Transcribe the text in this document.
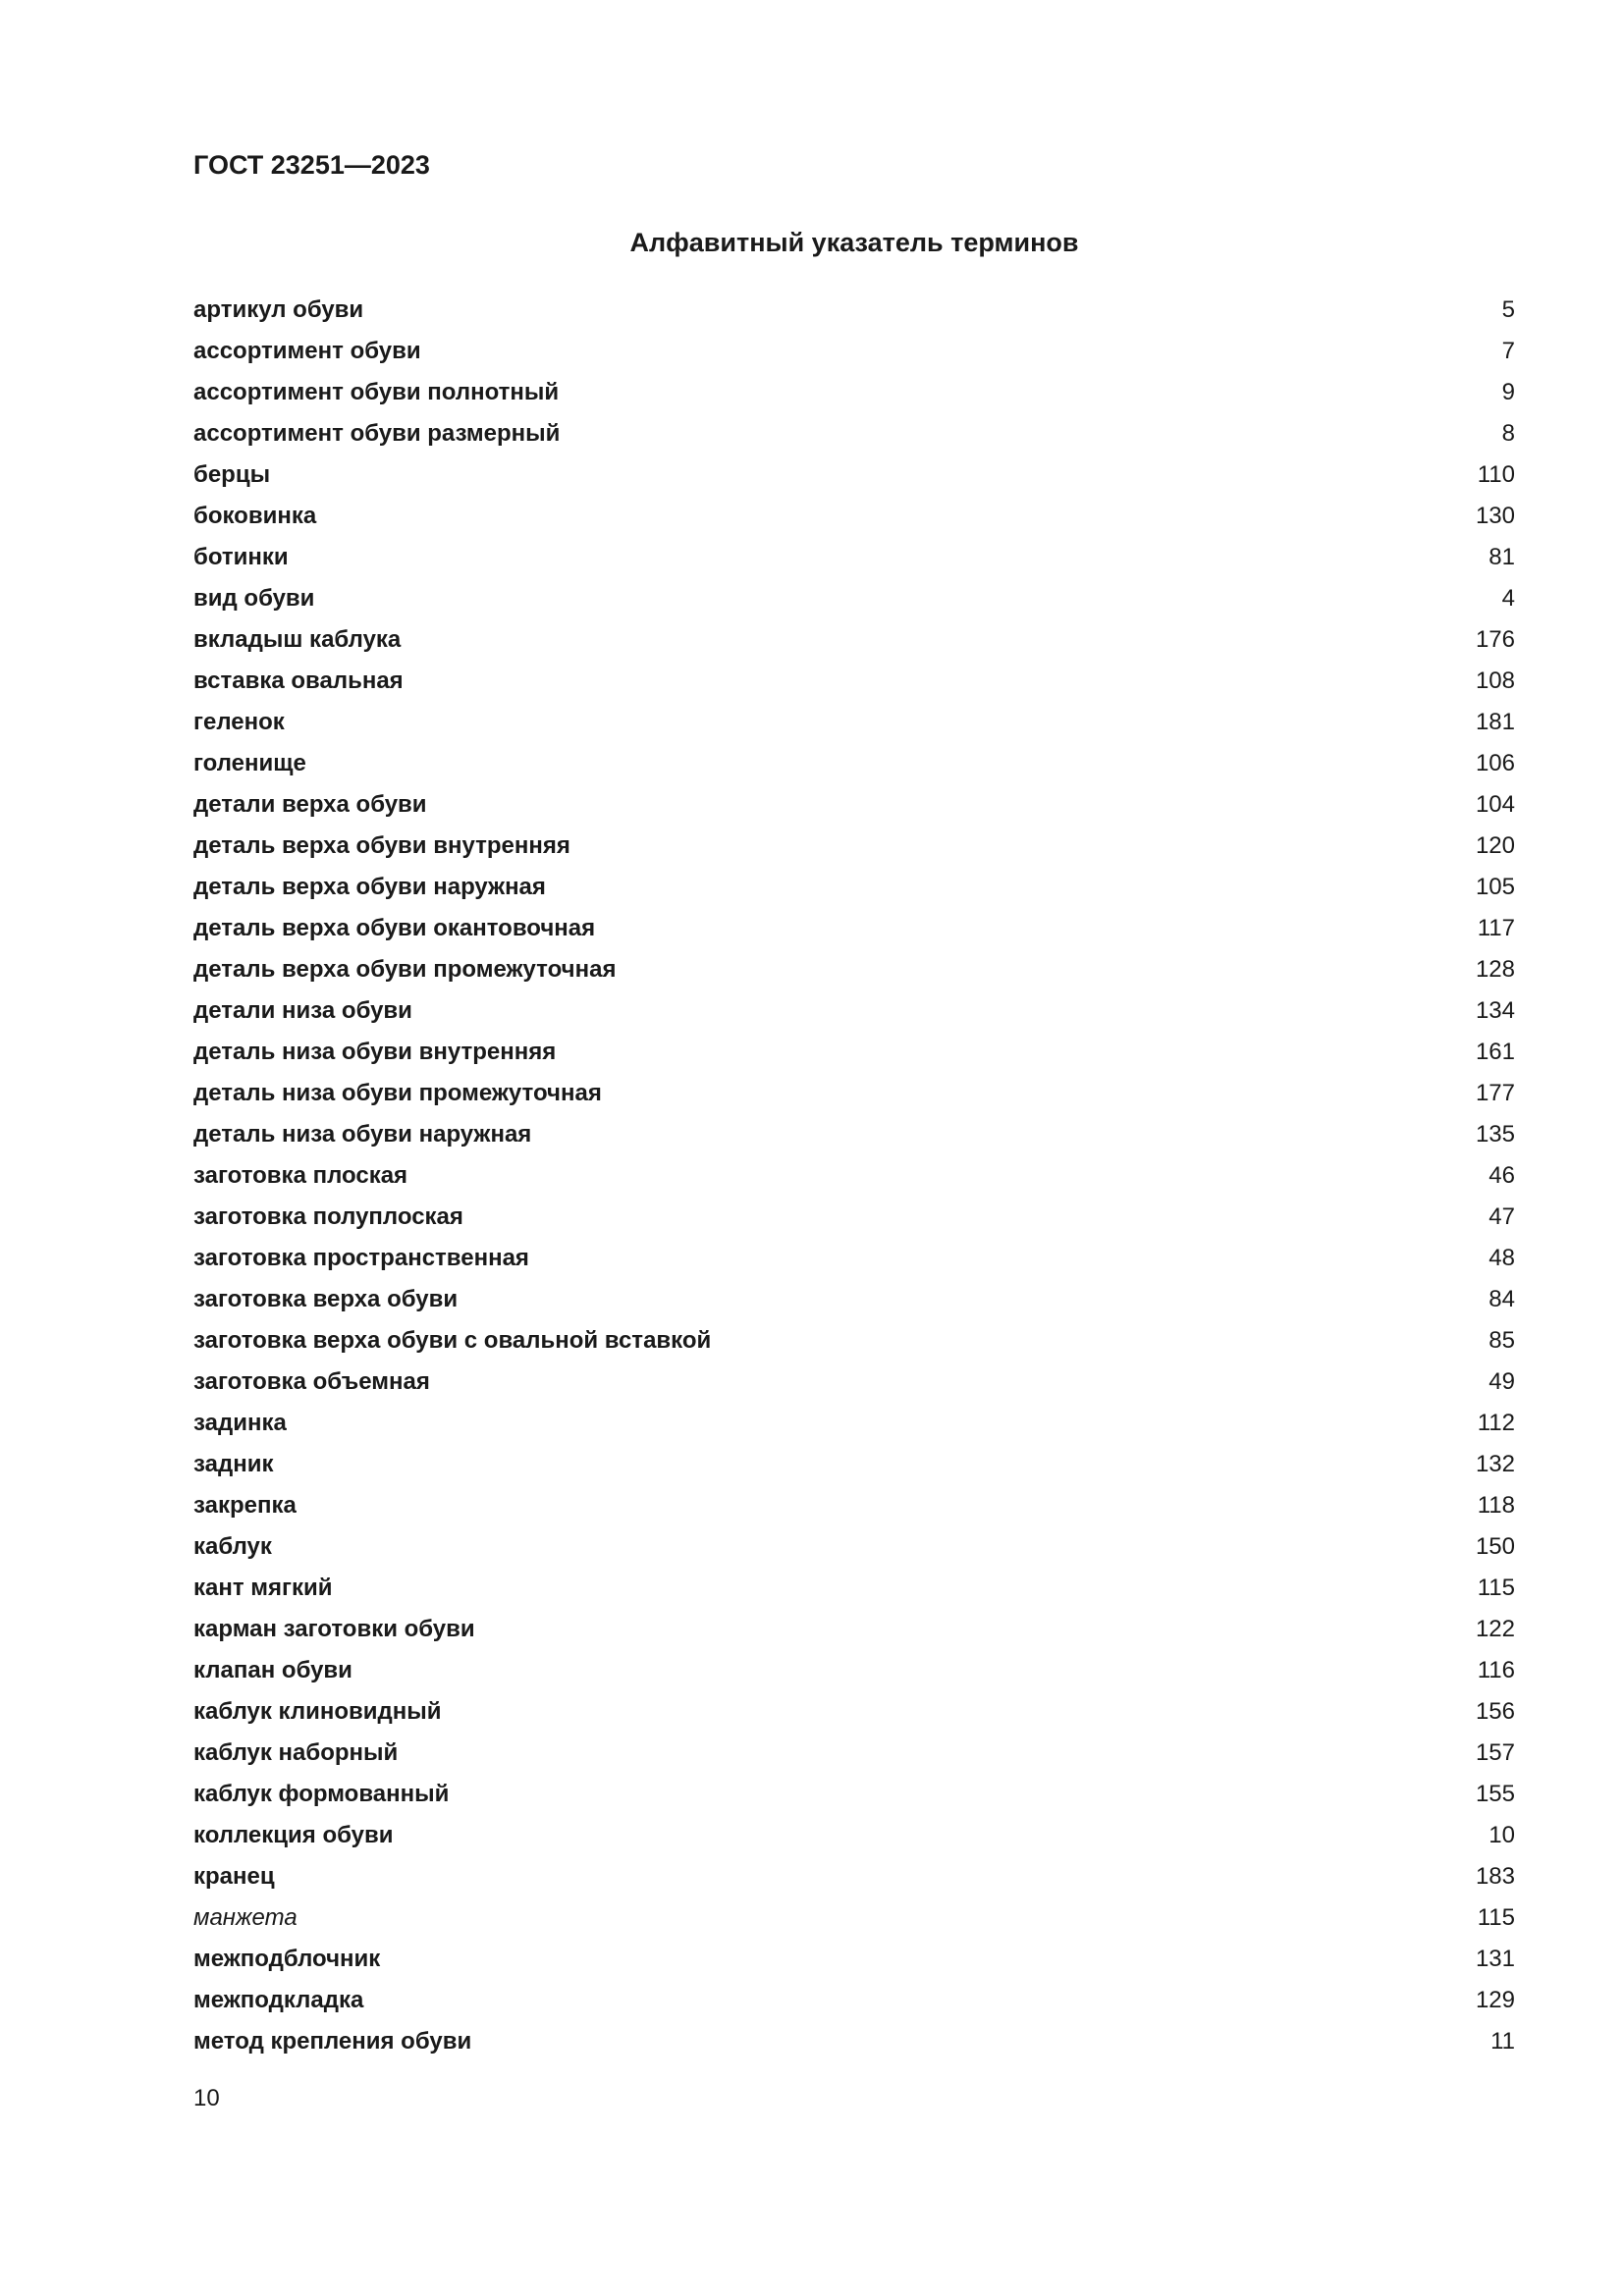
ГОСТ 23251—2023
Алфавитный указатель терминов
артикул обуви	5
ассортимент обуви	7
ассортимент обуви полнотный	9
ассортимент обуви размерный	8
берцы	110
боковинка	130
ботинки	81
вид обуви	4
вкладыш каблука	176
вставка овальная	108
геленок	181
голенище	106
детали верха обуви	104
деталь верха обуви внутренняя	120
деталь верха обуви наружная	105
деталь верха обуви окантовочная	117
деталь верха обуви промежуточная	128
детали низа обуви	134
деталь низа обуви внутренняя	161
деталь низа обуви промежуточная	177
деталь низа обуви наружная	135
заготовка плоская	46
заготовка полуплоская	47
заготовка пространственная	48
заготовка верха обуви	84
заготовка верха обуви с овальной вставкой	85
заготовка объемная	49
задинка	112
задник	132
закрепка	118
каблук	150
кант мягкий	115
карман заготовки обуви	122
клапан обуви	116
каблук клиновидный	156
каблук наборный	157
каблук формованный	155
коллекция обуви	10
кранец	183
манжета	115
межподблочник	131
межподкладка	129
метод крепления обуви	11
10
